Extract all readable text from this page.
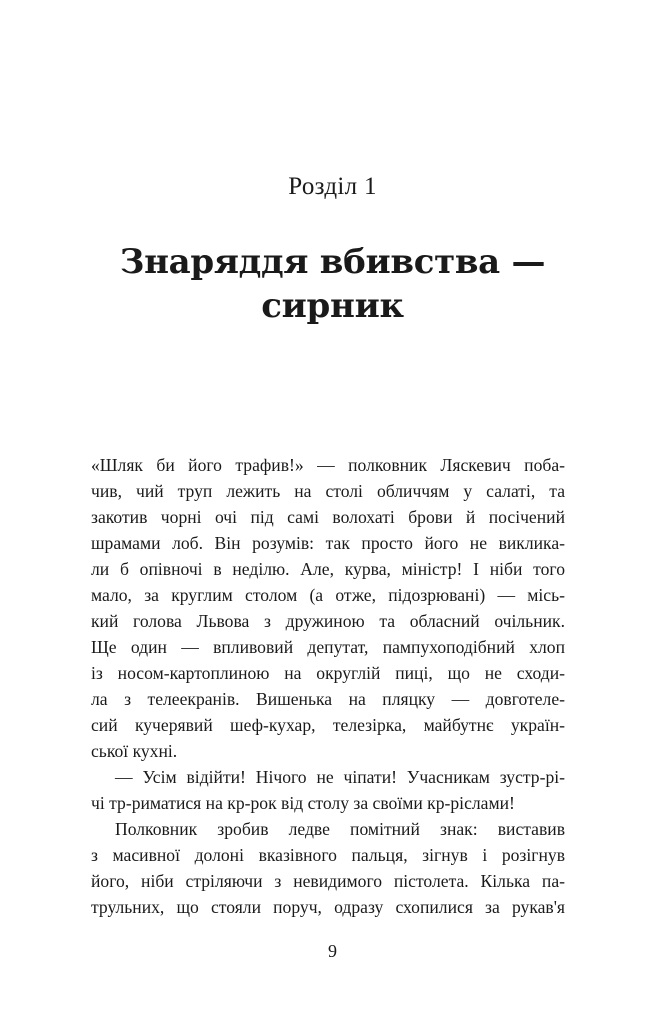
Розділ 1
Знаряддя вбивства —
сирник
«Шляк би його трафив!» — полковник Ляскевич поба-
чив, чий труп лежить на столі обличчям у салаті, та
закотив чорні очі під самі волохаті брови й посічений
шрамами лоб. Він розумів: так просто його не виклика-
ли б опівночі в неділю. Але, курва, міністр! І ніби того
мало, за круглим столом (а отже, підозрювані) — місь-
кий голова Львова з дружиною та обласний очільник.
Ще один — впливовий депутат, пампухоподібний хлоп
із носом-картоплиною на округлій пиці, що не сходи-
ла з телеекранів. Вишенька на пляцку — довготеле-
сий кучерявий шеф-кухар, телезірка, майбутнє україн-
ської кухні.
— Усім відійти! Нічого не чіпати! Учасникам зустр-рі-
чі тр-риматися на кр-рок від столу за своїми кр-ріслами!
Полковник зробив ледве помітний знак: виставив
з масивної долоні вказівного пальця, зігнув і розігнув
його, ніби стріляючи з невидимого пістолета. Кілька па-
трульних, що стояли поруч, одразу схопилися за рукав'я
9
